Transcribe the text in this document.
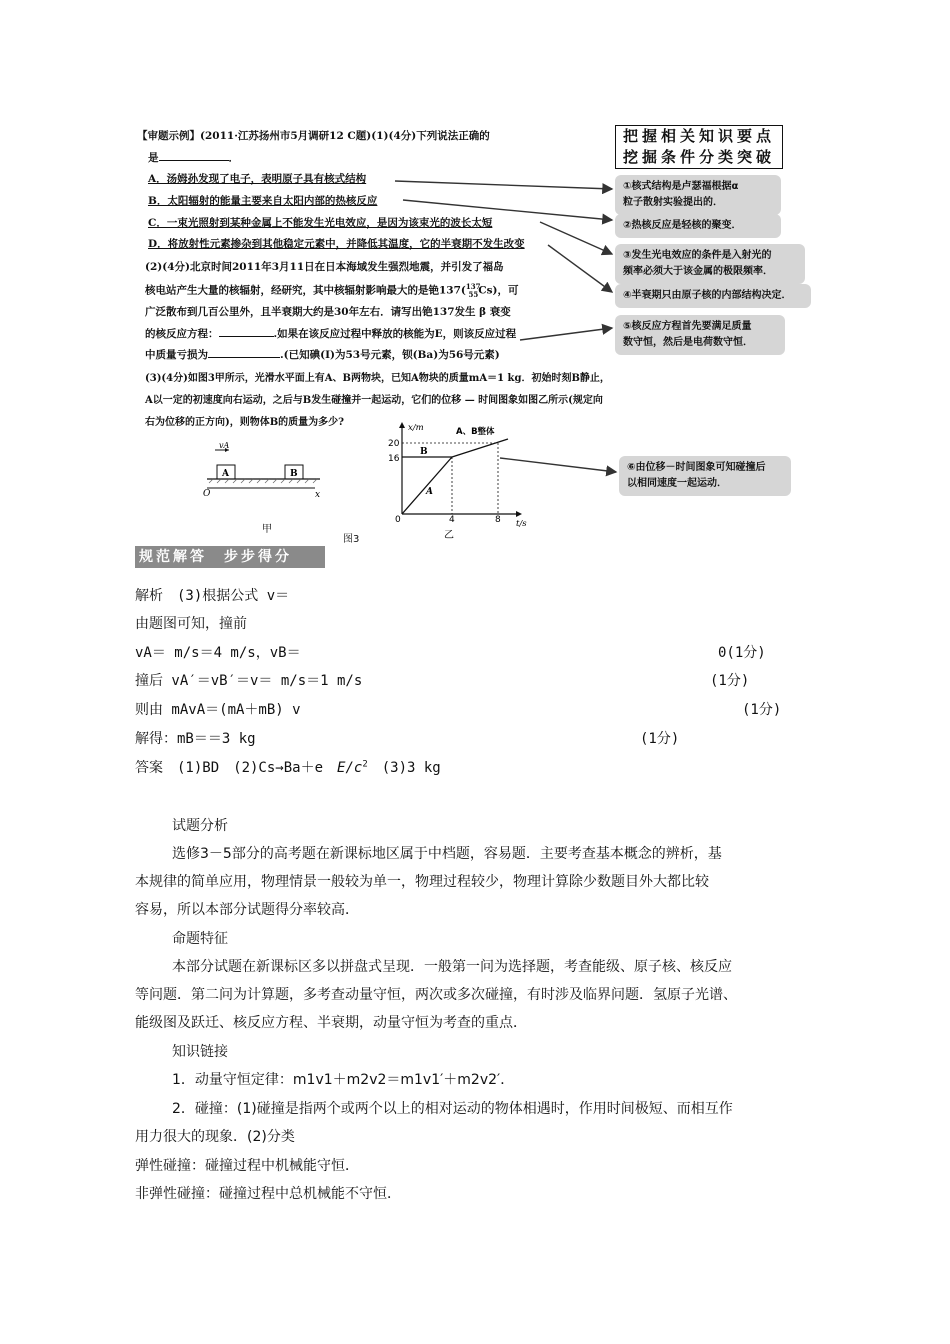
【审题示例】(2011·江苏扬州市5月调研12 C题)(1)(4分)下列说法正确的
是	．
A．汤姆孙发现了电子，表明原子具有核式结构
B．太阳辐射的能量主要来自太阳内部的热核反应
C．一束光照射到某种金属上不能发生光电效应，是因为该束光的波长太短
D．将放射性元素掺杂到其他稳定元素中，并降低其温度，它的半衰期不发生改变
(2)(4分)北京时间2011年3月11日在日本海域发生强烈地震，并引发了福岛
核电站产生大量的核辐射，经研究，其中核辐射影响最大的是铯137($^{137}_{55}$Cs)，可
广泛散布到几百公里外，且半衰期大约是30年左右．请写出铯137发生 β 衰变
的核反应方程：	.如果在该反应过程中释放的核能为E，则该反应过程
中质量亏损为	.(已知碘(I)为53号元素，钡(Ba)为56号元素)
(3)(4分)如图3甲所示，光滑水平面上有A、B两物块，已知A物块的质量mA＝1 kg．初始时刻B静止，
A以一定的初速度向右运动，之后与B发生碰撞并一起运动，它们的位移 — 时间图象如图乙所示(规定向
右为位移的正方向)，则物体B的质量为多少?
把握相关知识要点
挖掘条件分类突破
①核式结构是卢瑟福根据α
粒子散射实验提出的．
②热核反应是轻核的聚变．
③发生光电效应的条件是入射光的
频率必须大于该金属的极限频率．
④半衰期只由原子核的内部结构决定．
⑤核反应方程首先要满足质量
数守恒，然后是电荷数守恒．
⑥由位移－时间图象可知碰撞后
以相同速度一起运动．
vA
A	B
O	x
甲
x/m
t/s
A、B整体
B
A
20
16
0	4	8
乙
图3
规范解答　步步得分
解析　(3)根据公式 v＝
由题图可知，撞前
vA＝ m/s＝4 m/s，vB＝	0(1分)
撞后 vA′＝vB′＝v＝ m/s＝1 m/s	(1分)
则由 mAvA＝(mA＋mB) v	(1分)
解得：mB＝＝3 kg	(1分)
答案　(1)BD　(2)Cs→Ba＋e　$E/c^2$　(3)3 kg
试题分析
选修3－5部分的高考题在新课标地区属于中档题，容易题．主要考查基本概念的辨析，基
本规律的简单应用，物理情景一般较为单一，物理过程较少，物理计算除少数题目外大都比较
容易，所以本部分试题得分率较高．
命题特征
本部分试题在新课标区多以拼盘式呈现．一般第一问为选择题，考查能级、原子核、核反应
等问题．第二问为计算题，多考查动量守恒，两次或多次碰撞，有时涉及临界问题．氢原子光谱、
能级图及跃迁、核反应方程、半衰期，动量守恒为考查的重点．
知识链接
1．动量守恒定律：m1v1＋m2v2＝m1v1′＋m2v2′．
2．碰撞：(1)碰撞是指两个或两个以上的相对运动的物体相遇时，作用时间极短、而相互作
用力很大的现象．(2)分类
弹性碰撞：碰撞过程中机械能守恒．
非弹性碰撞：碰撞过程中总机械能不守恒．
